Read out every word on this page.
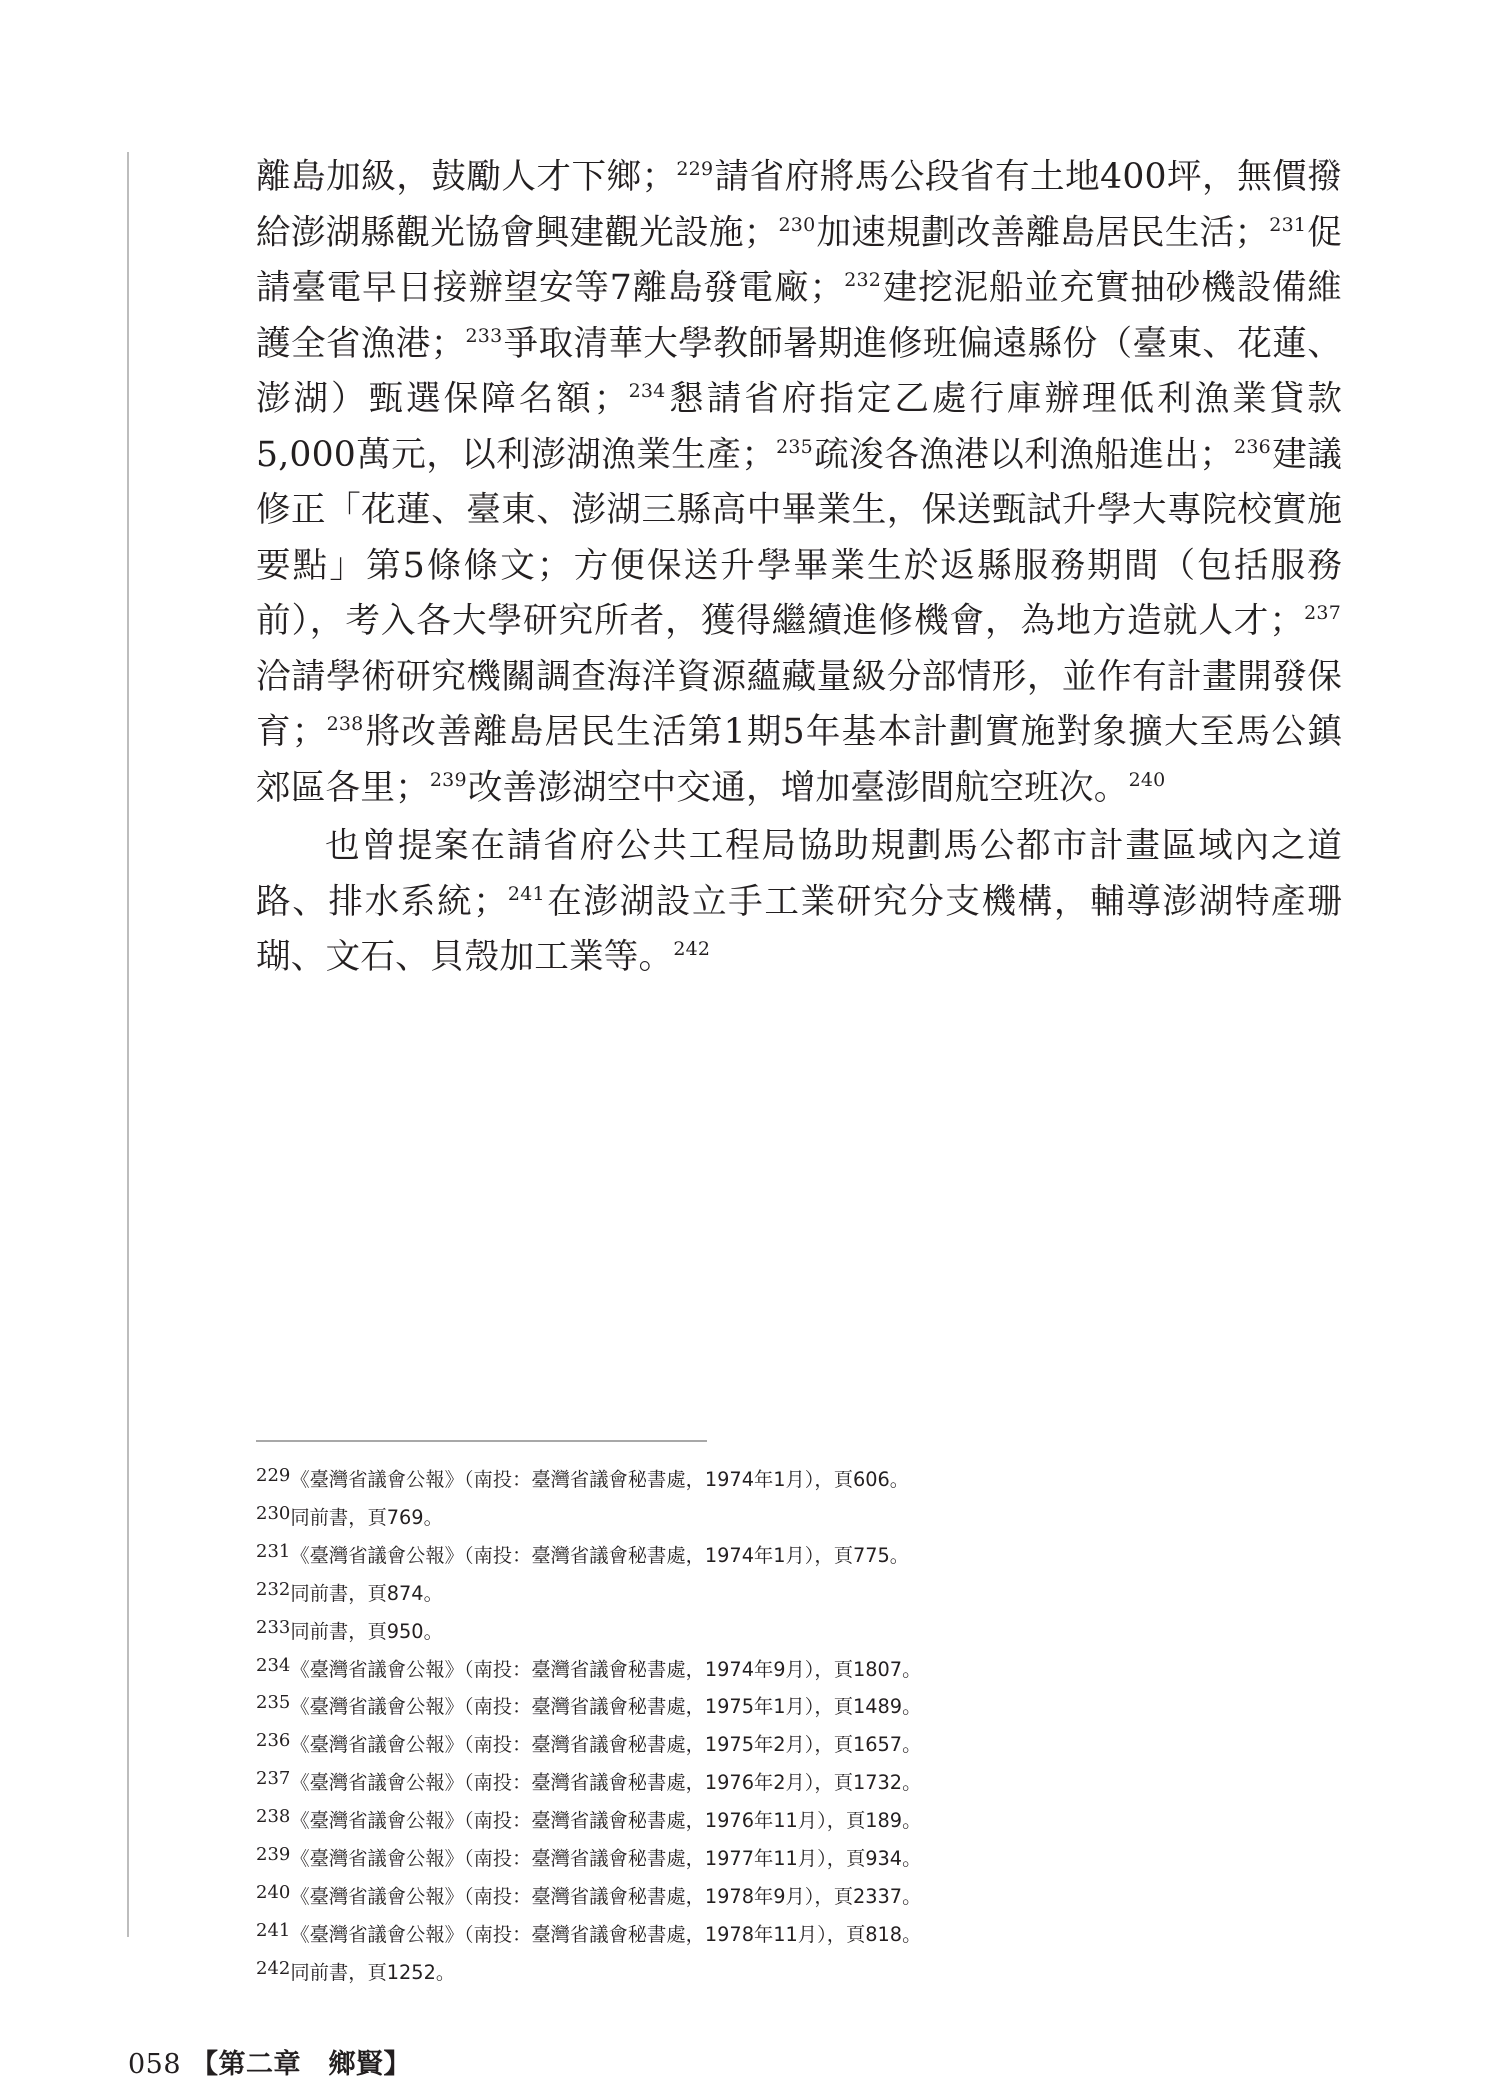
離島加級，鼓勵人才下鄉；$^{229}$請省府將馬公段省有土地400坪，無價撥給澎湖縣觀光協會興建觀光設施；$^{230}$加速規劃改善離島居民生活；$^{231}$促請臺電早日接辦望安等7離島發電廠；$^{232}$建挖泥船並充實抽砂機設備維護全省漁港；$^{233}$爭取清華大學教師暑期進修班偏遠縣份（臺東、花蓮、澎湖）甄選保障名額；$^{234}$懇請省府指定乙處行庫辦理低利漁業貸款5,000萬元，以利澎湖漁業生產；$^{235}$疏浚各漁港以利漁船進出；$^{236}$建議修正「花蓮、臺東、澎湖三縣高中畢業生，保送甄試升學大專院校實施要點」第5條條文；方便保送升學畢業生於返縣服務期間（包括服務前），考入各大學研究所者，獲得繼續進修機會，為地方造就人才；$^{237}$洽請學術研究機關調查海洋資源蘊藏量級分部情形，並作有計畫開發保育；$^{238}$將改善離島居民生活第1期5年基本計劃實施對象擴大至馬公鎮郊區各里；$^{239}$改善澎湖空中交通，增加臺澎間航空班次。$^{240}$

也曾提案在請省府公共工程局協助規劃馬公都市計畫區域內之道路、排水系統；$^{241}$在澎湖設立手工業研究分支機構，輔導澎湖特產珊瑚、文石、貝殼加工業等。$^{242}$

229《臺灣省議會公報》（南投：臺灣省議會秘書處，1974年1月），頁606。
230同前書，頁769。
231《臺灣省議會公報》（南投：臺灣省議會秘書處，1974年1月），頁775。
232同前書，頁874。
233同前書，頁950。
234《臺灣省議會公報》（南投：臺灣省議會秘書處，1974年9月），頁1807。
235《臺灣省議會公報》（南投：臺灣省議會秘書處，1975年1月），頁1489。
236《臺灣省議會公報》（南投：臺灣省議會秘書處，1975年2月），頁1657。
237《臺灣省議會公報》（南投：臺灣省議會秘書處，1976年2月），頁1732。
238《臺灣省議會公報》（南投：臺灣省議會秘書處，1976年11月），頁189。
239《臺灣省議會公報》（南投：臺灣省議會秘書處，1977年11月），頁934。
240《臺灣省議會公報》（南投：臺灣省議會秘書處，1978年9月），頁2337。
241《臺灣省議會公報》（南投：臺灣省議會秘書處，1978年11月），頁818。
242同前書，頁1252。
058 【第二章　鄉賢】
